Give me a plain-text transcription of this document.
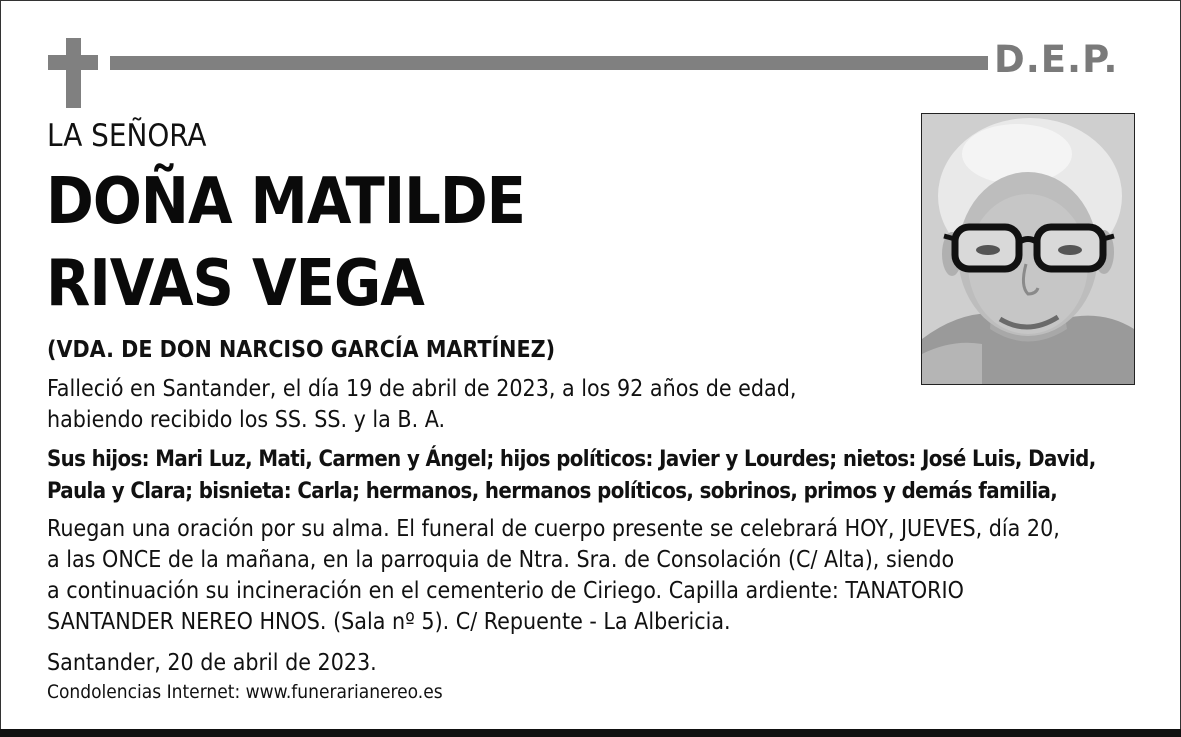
D.E.P.
LA SEÑORA
DOÑA MATILDE
RIVAS VEGA
(VDA. DE DON NARCISO GARCÍA MARTÍNEZ)
Falleció en Santander, el día 19 de abril de 2023, a los 92 años de edad,
habiendo recibido los SS. SS. y la B. A.
Sus hijos: Mari Luz, Mati, Carmen y Ángel; hijos políticos: Javier y Lourdes; nietos: José Luis, David,
Paula y Clara; bisnieta: Carla; hermanos, hermanos políticos, sobrinos, primos y demás familia,
Ruegan una oración por su alma. El funeral de cuerpo presente se celebrará HOY, JUEVES, día 20,
a las ONCE de la mañana, en la parroquia de Ntra. Sra. de Consolación (C/ Alta), siendo
a continuación su incineración en el cementerio de Ciriego. Capilla ardiente: TANATORIO
SANTANDER NEREO HNOS. (Sala nº 5). C/ Repuente - La Albericia.
Santander, 20 de abril de 2023.
Condolencias Internet: www.funerarianereo.es
